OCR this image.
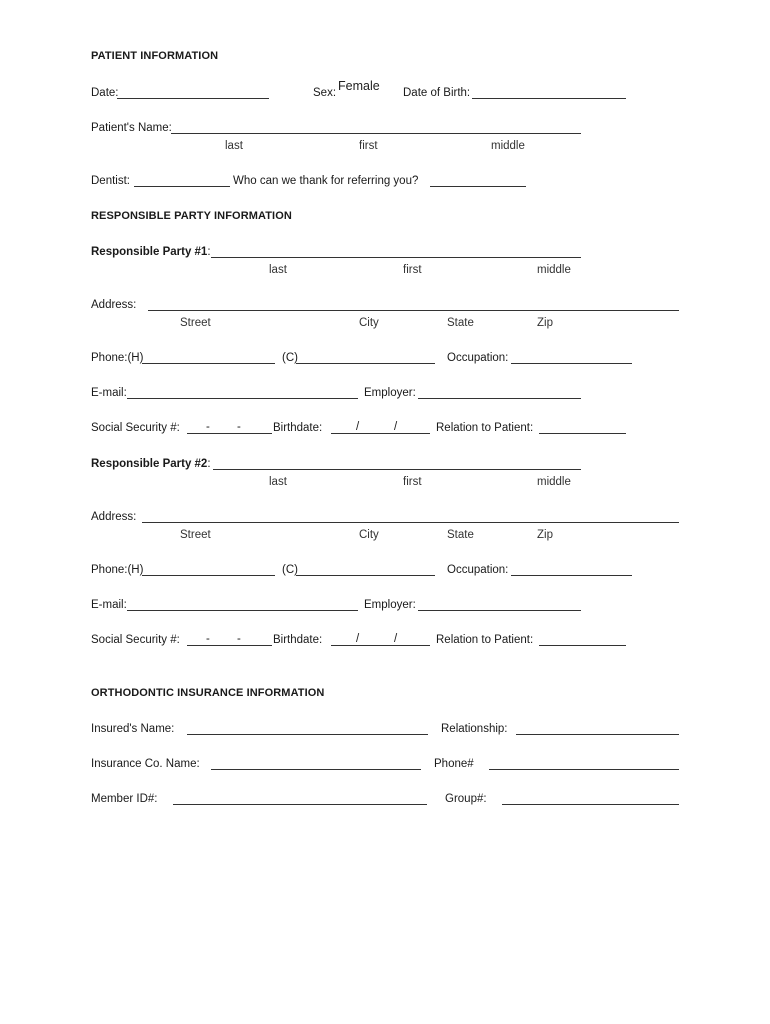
PATIENT INFORMATION
Date:	Sex: Female Date of Birth:
Patient's Name:
last	first	middle
Dentist:	Who can we thank for referring you?
RESPONSIBLE PARTY INFORMATION
Responsible Party #1:
last	first	middle
Address:
Street	City	State	Zip
Phone:(H)	(C)	Occupation:
E-mail:	Employer:
Social Security #: - -	Birthdate:	/	/	Relation to Patient:
Responsible Party #2:
last	first	middle
Address:
Street	City	State	Zip
Phone:(H)	(C)	Occupation:
E-mail:	Employer:
Social Security #: - -	Birthdate:	/	/	Relation to Patient:
ORTHODONTIC INSURANCE INFORMATION
Insured's Name:	Relationship:
Insurance Co. Name:	Phone#
Member ID#:	Group#:
